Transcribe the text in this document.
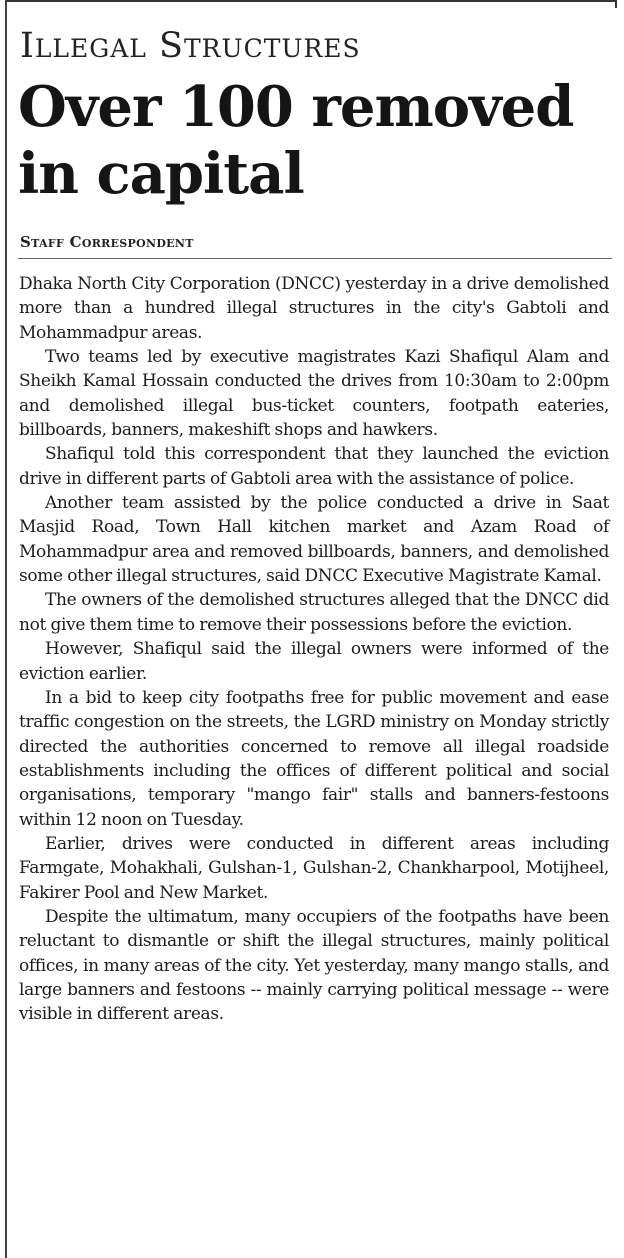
Illegal Structures
Over 100 removed in capital
Staff Correspondent

Dhaka North City Corporation (DNCC) yesterday in a drive demolished more than a hundred illegal structures in the city's Gabtoli and Mohammadpur areas.

Two teams led by executive magistrates Kazi Shafiqul Alam and Sheikh Kamal Hossain conducted the drives from 10:30am to 2:00pm and demolished illegal bus-ticket counters, footpath eateries, billboards, banners, makeshift shops and hawkers.

Shafiqul told this correspondent that they launched the eviction drive in different parts of Gabtoli area with the assistance of police.

Another team assisted by the police conducted a drive in Saat Masjid Road, Town Hall kitchen market and Azam Road of Mohammadpur area and removed billboards, banners, and demolished some other illegal structures, said DNCC Executive Magistrate Kamal.

The owners of the demolished structures alleged that the DNCC did not give them time to remove their possessions before the eviction.

However, Shafiqul said the illegal owners were informed of the eviction earlier.

In a bid to keep city footpaths free for public movement and ease traffic congestion on the streets, the LGRD ministry on Monday strictly directed the authorities concerned to remove all illegal roadside establishments including the offices of different political and social organisations, temporary "mango fair" stalls and banners-festoons within 12 noon on Tuesday.

Earlier, drives were conducted in different areas including Farmgate, Mohakhali, Gulshan-1, Gulshan-2, Chankharpool, Motijheel, Fakirer Pool and New Market.

Despite the ultimatum, many occupiers of the footpaths have been reluctant to dismantle or shift the illegal structures, mainly political offices, in many areas of the city. Yet yesterday, many mango stalls, and large banners and festoons -- mainly carrying political message -- were visible in different areas.
